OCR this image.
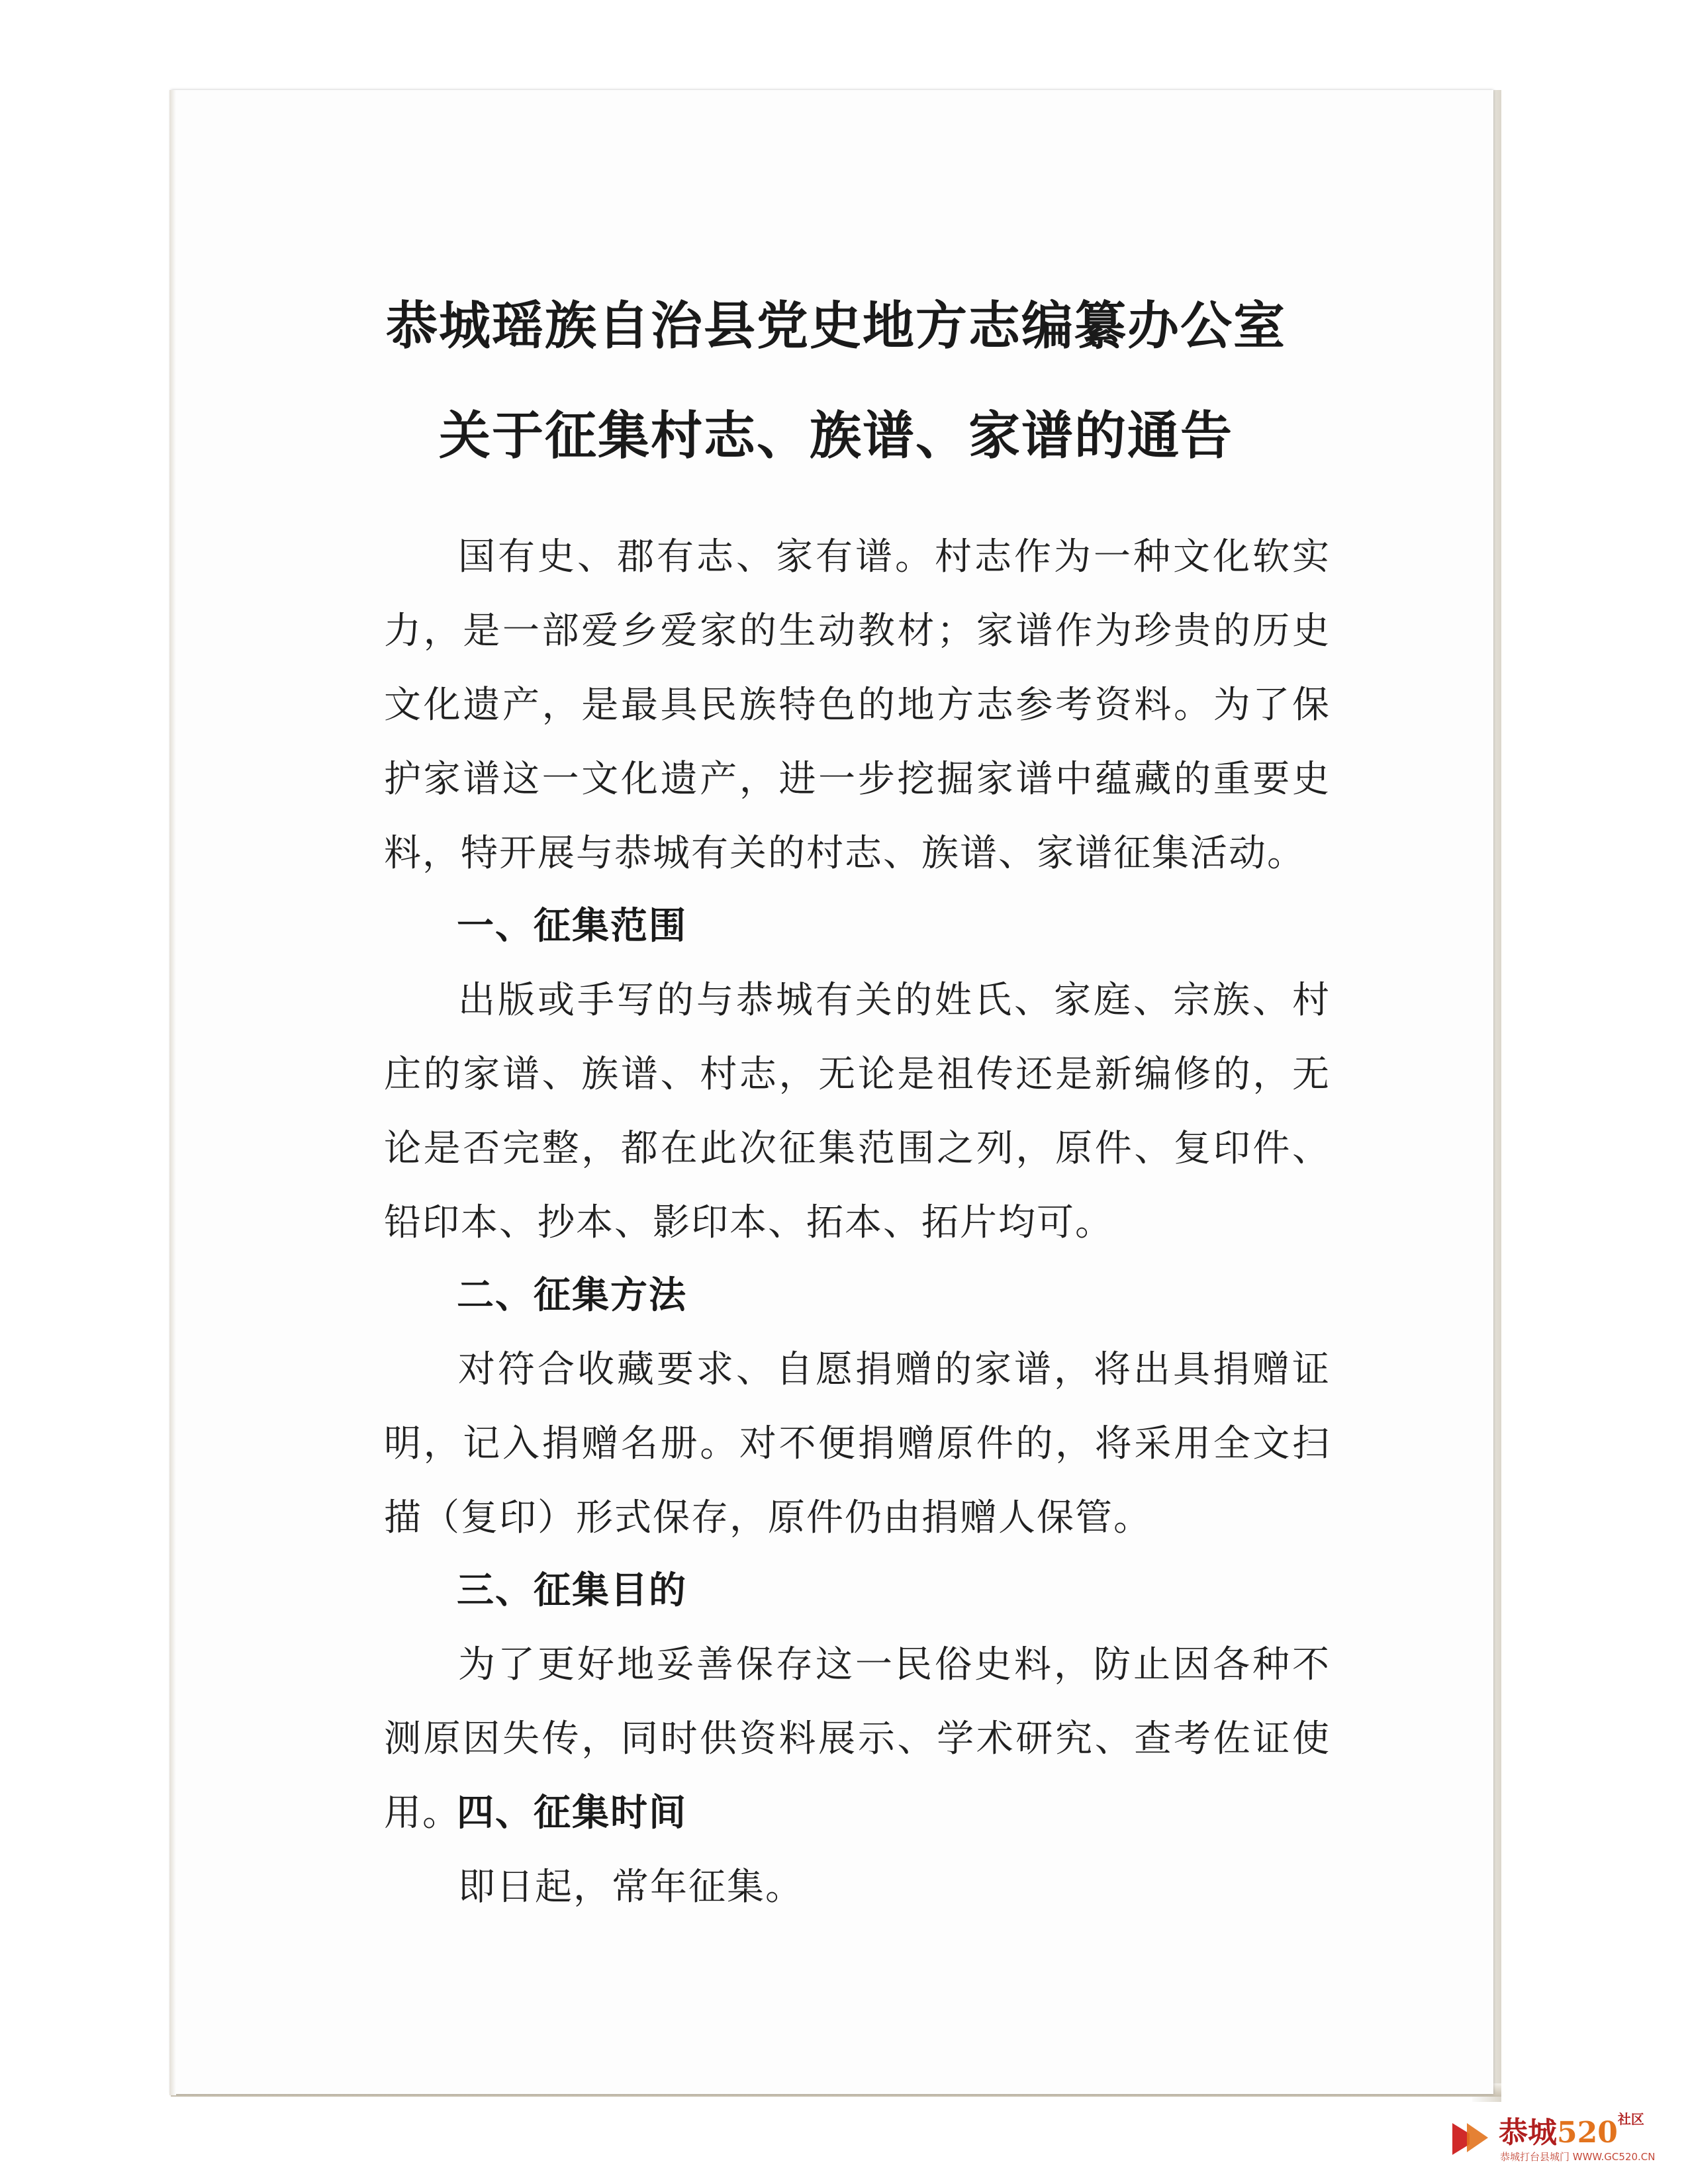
恭城瑶族自治县党史地方志编纂办公室
关于征集村志、族谱、家谱的通告
国有史、郡有志、家有谱。村志作为一种文化软实力，是一部爱乡爱家的生动教材；家谱作为珍贵的历史文化遗产，是最具民族特色的地方志参考资料。为了保护家谱这一文化遗产，进一步挖掘家谱中蕴藏的重要史料，特开展与恭城有关的村志、族谱、家谱征集活动。
一、征集范围
出版或手写的与恭城有关的姓氏、家庭、宗族、村庄的家谱、族谱、村志，无论是祖传还是新编修的，无论是否完整，都在此次征集范围之列，原件、复印件、铅印本、抄本、影印本、拓本、拓片均可。
二、征集方法
对符合收藏要求、自愿捐赠的家谱，将出具捐赠证明，记入捐赠名册。对不便捐赠原件的，将采用全文扫描（复印）形式保存，原件仍由捐赠人保管。
三、征集目的
为了更好地妥善保存这一民俗史料，防止因各种不测原因失传，同时供资料展示、学术研究、查考佐证使用。
四、征集时间
即日起，常年征集。
恭城$520^{社区}$
恭城打台县城门 WWW.GC520.CN
